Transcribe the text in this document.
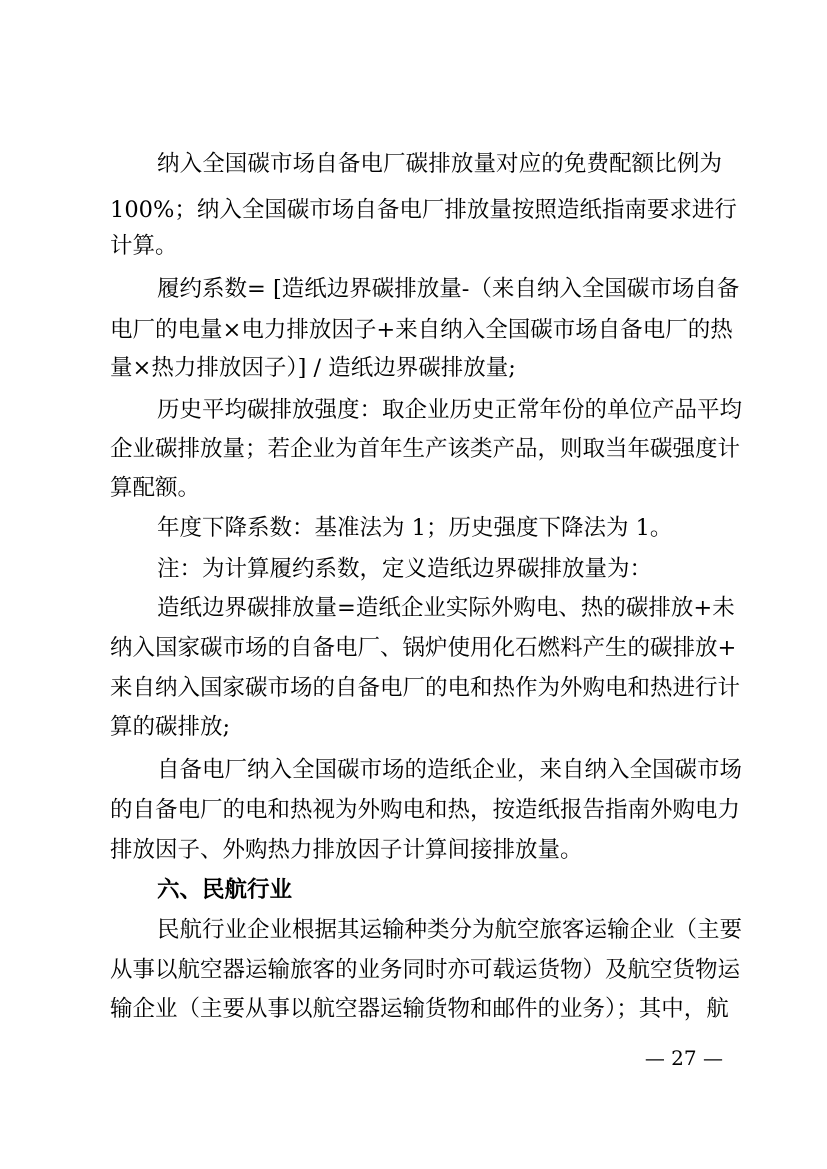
纳入全国碳市场自备电厂碳排放量对应的免费配额比例为
100%；纳入全国碳市场自备电厂排放量按照造纸指南要求进行
计算。
履约系数= [造纸边界碳排放量-（来自纳入全国碳市场自备
电厂的电量×电力排放因子+来自纳入全国碳市场自备电厂的热
量×热力排放因子）] / 造纸边界碳排放量;
历史平均碳排放强度：取企业历史正常年份的单位产品平均
企业碳排放量；若企业为首年生产该类产品，则取当年碳强度计
算配额。
年度下降系数：基准法为 1；历史强度下降法为 1。
注：为计算履约系数，定义造纸边界碳排放量为：
造纸边界碳排放量=造纸企业实际外购电、热的碳排放+未
纳入国家碳市场的自备电厂、锅炉使用化石燃料产生的碳排放+
来自纳入国家碳市场的自备电厂的电和热作为外购电和热进行计
算的碳排放;
自备电厂纳入全国碳市场的造纸企业，来自纳入全国碳市场
的自备电厂的电和热视为外购电和热，按造纸报告指南外购电力
排放因子、外购热力排放因子计算间接排放量。
六、民航行业
民航行业企业根据其运输种类分为航空旅客运输企业（主要
从事以航空器运输旅客的业务同时亦可载运货物）及航空货物运
输企业（主要从事以航空器运输货物和邮件的业务）；其中，航
— 27 —
